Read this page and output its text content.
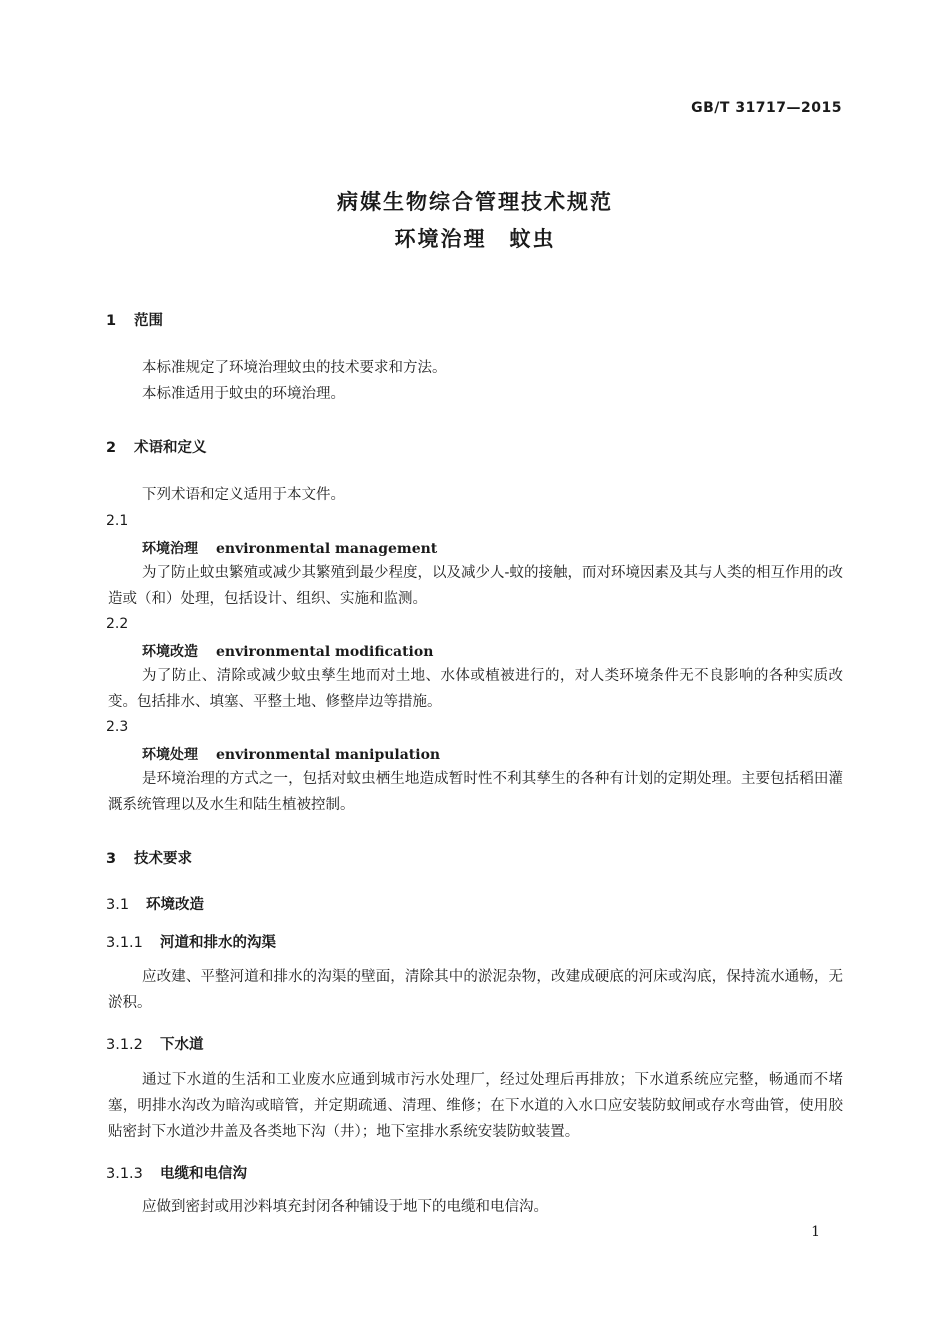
GB/T 31717—2015
病媒生物综合管理技术规范
环境治理　蚊虫
1 范围
本标准规定了环境治理蚊虫的技术要求和方法。
本标准适用于蚊虫的环境治理。
2 术语和定义
下列术语和定义适用于本文件。
2.1
环境治理 environmental management
为了防止蚊虫繁殖或减少其繁殖到最少程度，以及减少人-蚊的接触，而对环境因素及其与人类的相互作用的改造或（和）处理，包括设计、组织、实施和监测。
2.2
环境改造 environmental modification
为了防止、清除或减少蚊虫孳生地而对土地、水体或植被进行的，对人类环境条件无不良影响的各种实质改变。包括排水、填塞、平整土地、修整岸边等措施。
2.3
环境处理 environmental manipulation
是环境治理的方式之一，包括对蚊虫栖生地造成暂时性不利其孳生的各种有计划的定期处理。主要包括稻田灌溉系统管理以及水生和陆生植被控制。
3 技术要求
3.1 环境改造
3.1.1 河道和排水的沟渠
应改建、平整河道和排水的沟渠的壁面，清除其中的淤泥杂物，改建成硬底的河床或沟底，保持流水通畅，无淤积。
3.1.2 下水道
通过下水道的生活和工业废水应通到城市污水处理厂，经过处理后再排放；下水道系统应完整，畅通而不堵塞，明排水沟改为暗沟或暗管，并定期疏通、清理、维修；在下水道的入水口应安装防蚊闸或存水弯曲管，使用胶贴密封下水道沙井盖及各类地下沟（井）；地下室排水系统安装防蚊装置。
3.1.3 电缆和电信沟
应做到密封或用沙料填充封闭各种铺设于地下的电缆和电信沟。
1
